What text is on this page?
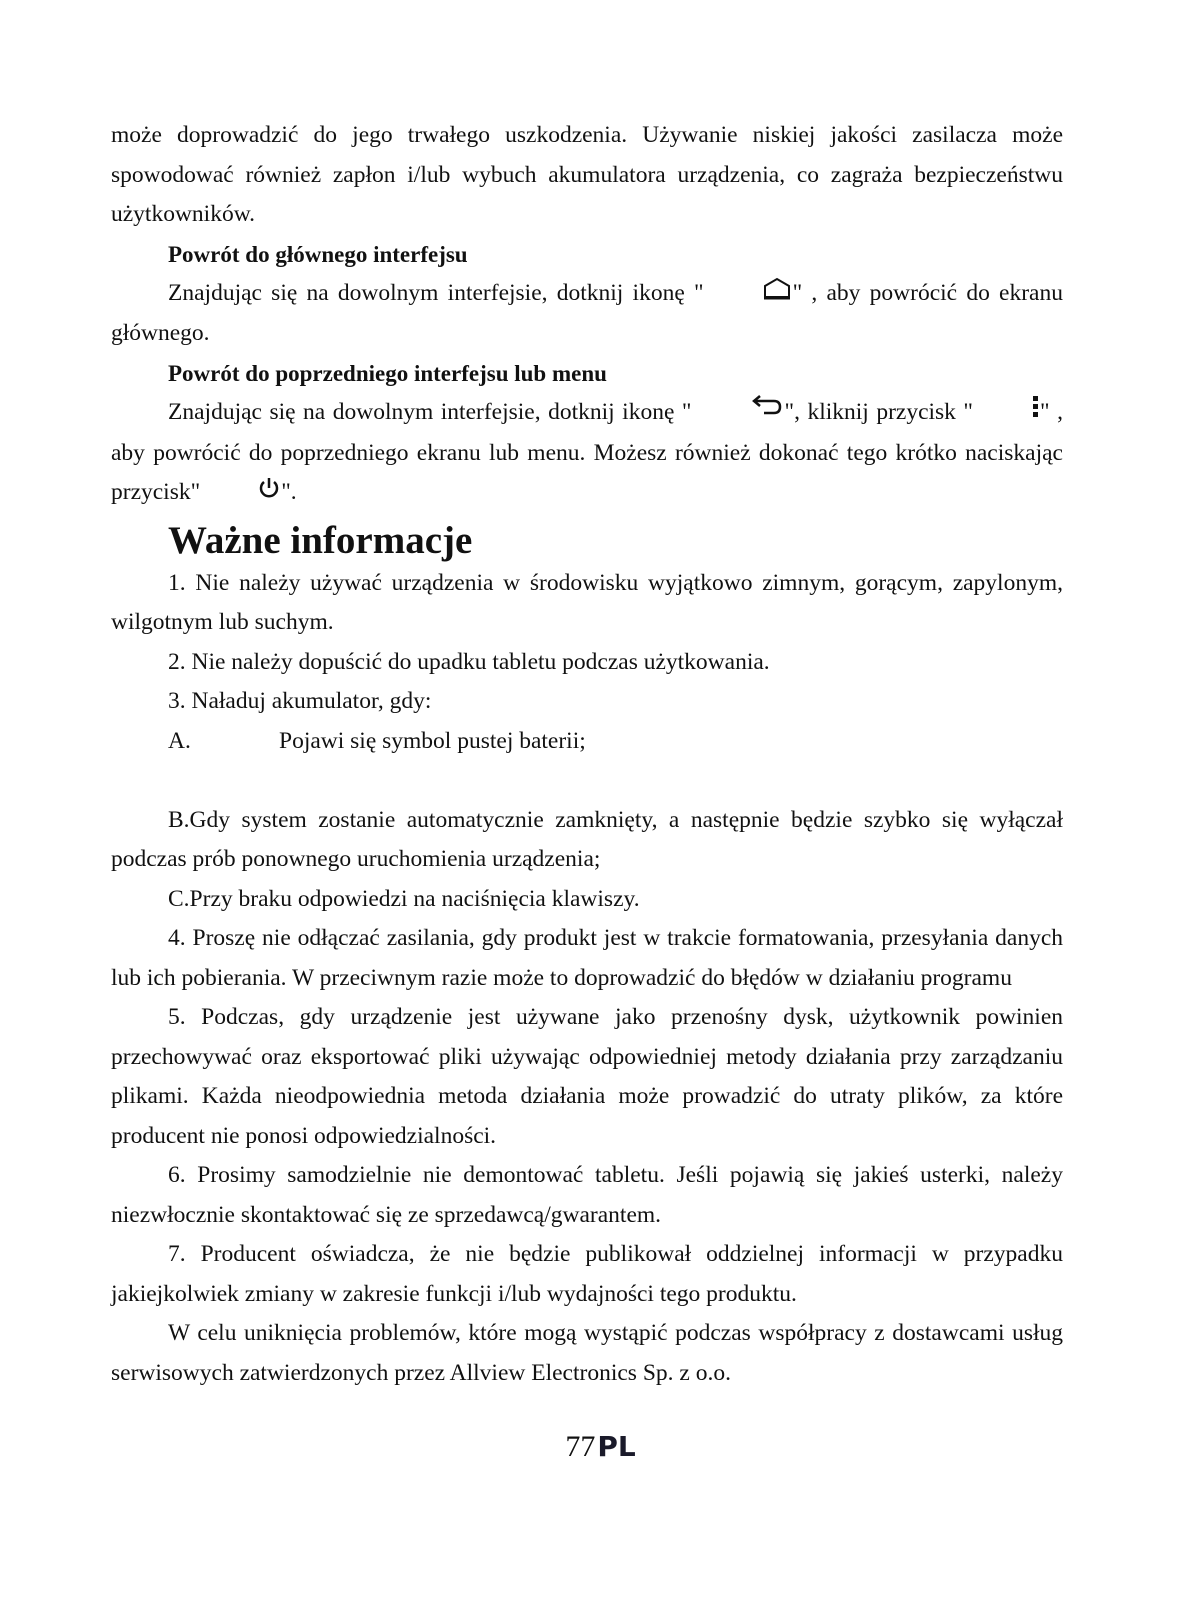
może doprowadzić do jego trwałego uszkodzenia. Używanie niskiej jakości zasilacza może spowodować również zapłon i/lub wybuch akumulatora urządzenia, co zagraża bezpieczeństwu użytkowników.

Powrót do głównego interfejsu

Znajdując się na dowolnym interfejsie, dotknij ikonę "	" , aby powrócić do ekranu głównego.

Powrót do poprzedniego interfejsu lub menu

Znajdując się na dowolnym interfejsie, dotknij ikonę "	", kliknij przycisk "	" , aby powrócić do poprzedniego ekranu lub menu. Możesz również dokonać tego krótko naciskając przycisk"	".

Ważne informacje

1. Nie należy używać urządzenia w środowisku wyjątkowo zimnym, gorącym, zapylonym, wilgotnym lub suchym.

2. Nie należy dopuścić do upadku tabletu podczas użytkowania.

3. Naładuj akumulator, gdy:

A.	Pojawi się symbol pustej baterii;

B.Gdy system zostanie automatycznie zamknięty, a następnie będzie szybko się wyłączał podczas prób ponownego uruchomienia urządzenia;

C.Przy braku odpowiedzi na naciśnięcia klawiszy.

4. Proszę nie odłączać zasilania, gdy produkt jest w trakcie formatowania, przesyłania danych lub ich pobierania. W przeciwnym razie może to doprowadzić do błędów w działaniu programu

5. Podczas, gdy urządzenie jest używane jako przenośny dysk, użytkownik powinien przechowywać oraz eksportować pliki używając odpowiedniej metody działania przy zarządzaniu plikami. Każda nieodpowiednia metoda działania może prowadzić do utraty plików, za które producent nie ponosi odpowiedzialności.

6. Prosimy samodzielnie nie demontować tabletu. Jeśli pojawią się jakieś usterki, należy niezwłocznie skontaktować się ze sprzedawcą/gwarantem.

7. Producent oświadcza, że nie będzie publikował oddzielnej informacji w przypadku jakiejkolwiek zmiany w zakresie funkcji i/lub wydajności tego produktu.

W celu uniknięcia problemów, które mogą wystąpić podczas współpracy z dostawcami usług serwisowych zatwierdzonych przez Allview Electronics Sp. z o.o.

77PL
